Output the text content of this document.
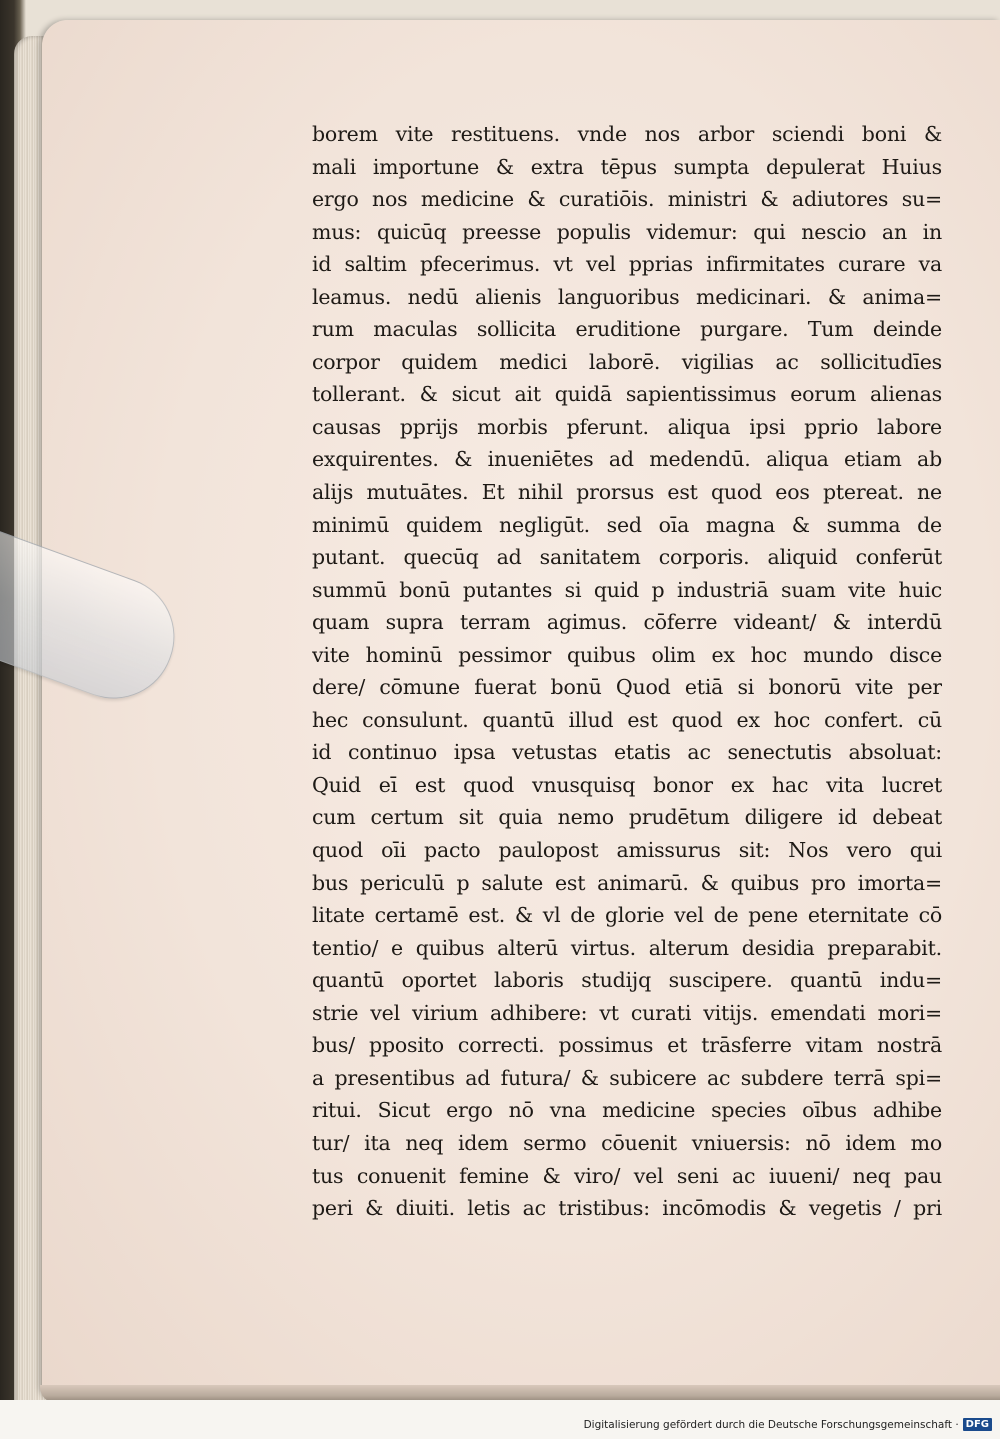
borem vite restituens. vnde nos arbor sciendi boni &
mali importune & extra tēpus sumpta depulerat Huius
ergo nos medicine & curatiōis. ministri & adiutores su=
mus: quicūq preesse populis videmur: qui nescio an in
id saltim pfecerimus. vt vel pprias infirmitates curare va
leamus. nedū alienis languoribus medicinari. & anima=
rum maculas sollicita eruditione purgare. Tum deinde
corpor quidem medici laborē. vigilias ac sollicitudīes
tollerant. & sicut ait quidā sapientissimus eorum alienas
causas pprijs morbis pferunt. aliqua ipsi pprio labore
exquirentes. & inueniētes ad medendū. aliqua etiam ab
alijs mutuātes. Et nihil prorsus est quod eos ptereat. ne
minimū quidem negligūt. sed oīa magna & summa de
putant. quecūq ad sanitatem corporis. aliquid conferūt
summū bonū putantes si quid p industriā suam vite huic
quam supra terram agimus. cōferre videant/ & interdū
vite hominū pessimor quibus olim ex hoc mundo disce
dere/ cōmune fuerat bonū Quod etiā si bonorū vite per
hec consulunt. quantū illud est quod ex hoc confert. cū
id continuo ipsa vetustas etatis ac senectutis absoluat:
Quid eī est quod vnusquisq bonor ex hac vita lucret
cum certum sit quia nemo prudētum diligere id debeat
quod oīi pacto paulopost amissurus sit: Nos vero qui
bus periculū p salute est animarū. & quibus pro imorta=
litate certamē est. & vl de glorie vel de pene eternitate cō
tentio/ e quibus alterū virtus. alterum desidia preparabit.
quantū oportet laboris studijq suscipere. quantū indu=
strie vel virium adhibere: vt curati vitijs. emendati mori=
bus/ pposito correcti. possimus et trāsferre vitam nostrā
a presentibus ad futura/ & subicere ac subdere terrā spi=
ritui. Sicut ergo nō vna medicine species oībus adhibe
tur/ ita neq idem sermo cōuenit vniuersis: nō idem mo
tus conuenit femine & viro/ vel seni ac iuueni/ neq pau
peri & diuiti. letis ac tristibus: incōmodis & vegetis / pri
Digitalisierung gefördert durch die Deutsche Forschungsgemeinschaft · DFG
